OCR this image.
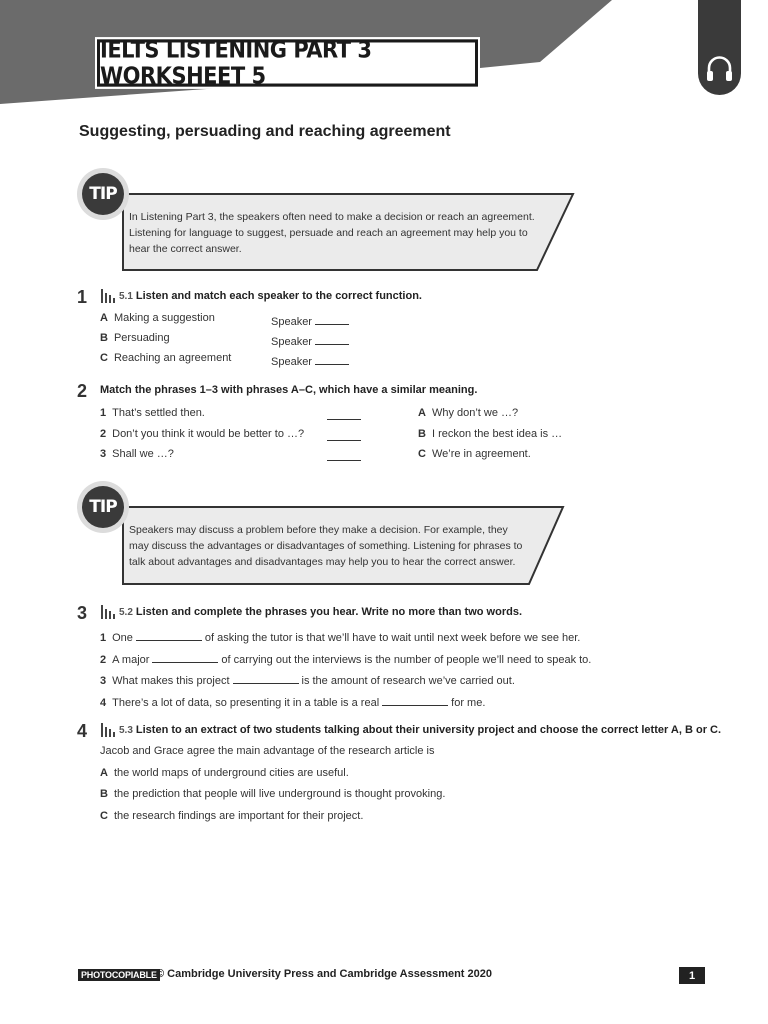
IELTS LISTENING PART 3 WORKSHEET 5
Suggesting, persuading and reaching agreement
TIP
In Listening Part 3, the speakers often need to make a decision or reach an agreement.
Listening for language to suggest, persuade and reach an agreement may help you to
hear the correct answer.
1	5.1 Listen and match each speaker to the correct function.
A Making a suggestion	Speaker
B Persuading	Speaker
C Reaching an agreement	Speaker
2 Match the phrases 1–3 with phrases A–C, which have a similar meaning.
1 That’s settled then.
2 Don’t you think it would be better to …?
3 Shall we …?
A Why don’t we …?
B I reckon the best idea is …
C We’re in agreement.
TIP
Speakers may discuss a problem before they make a decision. For example, they
may discuss the advantages or disadvantages of something. Listening for phrases to
talk about advantages and disadvantages may help you to hear the correct answer.
3	5.2 Listen and complete the phrases you hear. Write no more than two words.
1 One	of asking the tutor is that we’ll have to wait until next week before we see her.
2 A major	of carrying out the interviews is the number of people we’ll need to speak to.
3 What makes this project	is the amount of research we’ve carried out.
4 There’s a lot of data, so presenting it in a table is a real	for me.
4	5.3 Listen to an extract of two students talking about their university project and choose the correct letter A, B or C.
Jacob and Grace agree the main advantage of the research article is
A the world maps of underground cities are useful.
B the prediction that people will live underground is thought provoking.
C the research findings are important for their project.
PHOTOCOPIABLE © Cambridge University Press and Cambridge Assessment 2020	1
